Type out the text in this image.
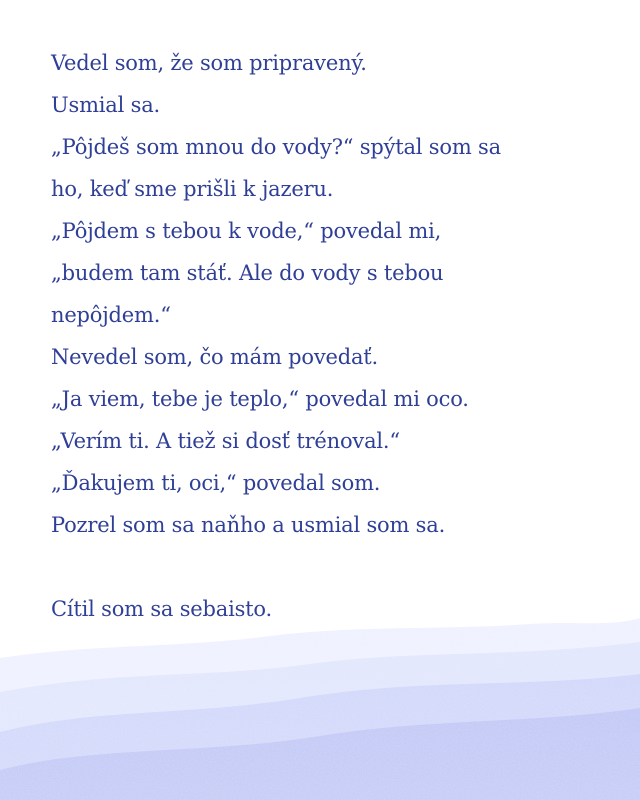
Vedel som, že som pripravený.
Usmial sa.
„Pôjdeš som mnou do vody?“ spýtal som sa
ho, keď sme prišli k jazeru.
„Pôjdem s tebou k vode,“ povedal mi,
„budem tam stáť. Ale do vody s tebou
nepôjdem.“
Nevedel som, čo mám povedať.
„Ja viem, tebe je teplo,“ povedal mi oco.
„Verím ti. A tiež si dosť trénoval.“
„Ďakujem ti, oci,“ povedal som.
Pozrel som sa naňho a usmial som sa.
